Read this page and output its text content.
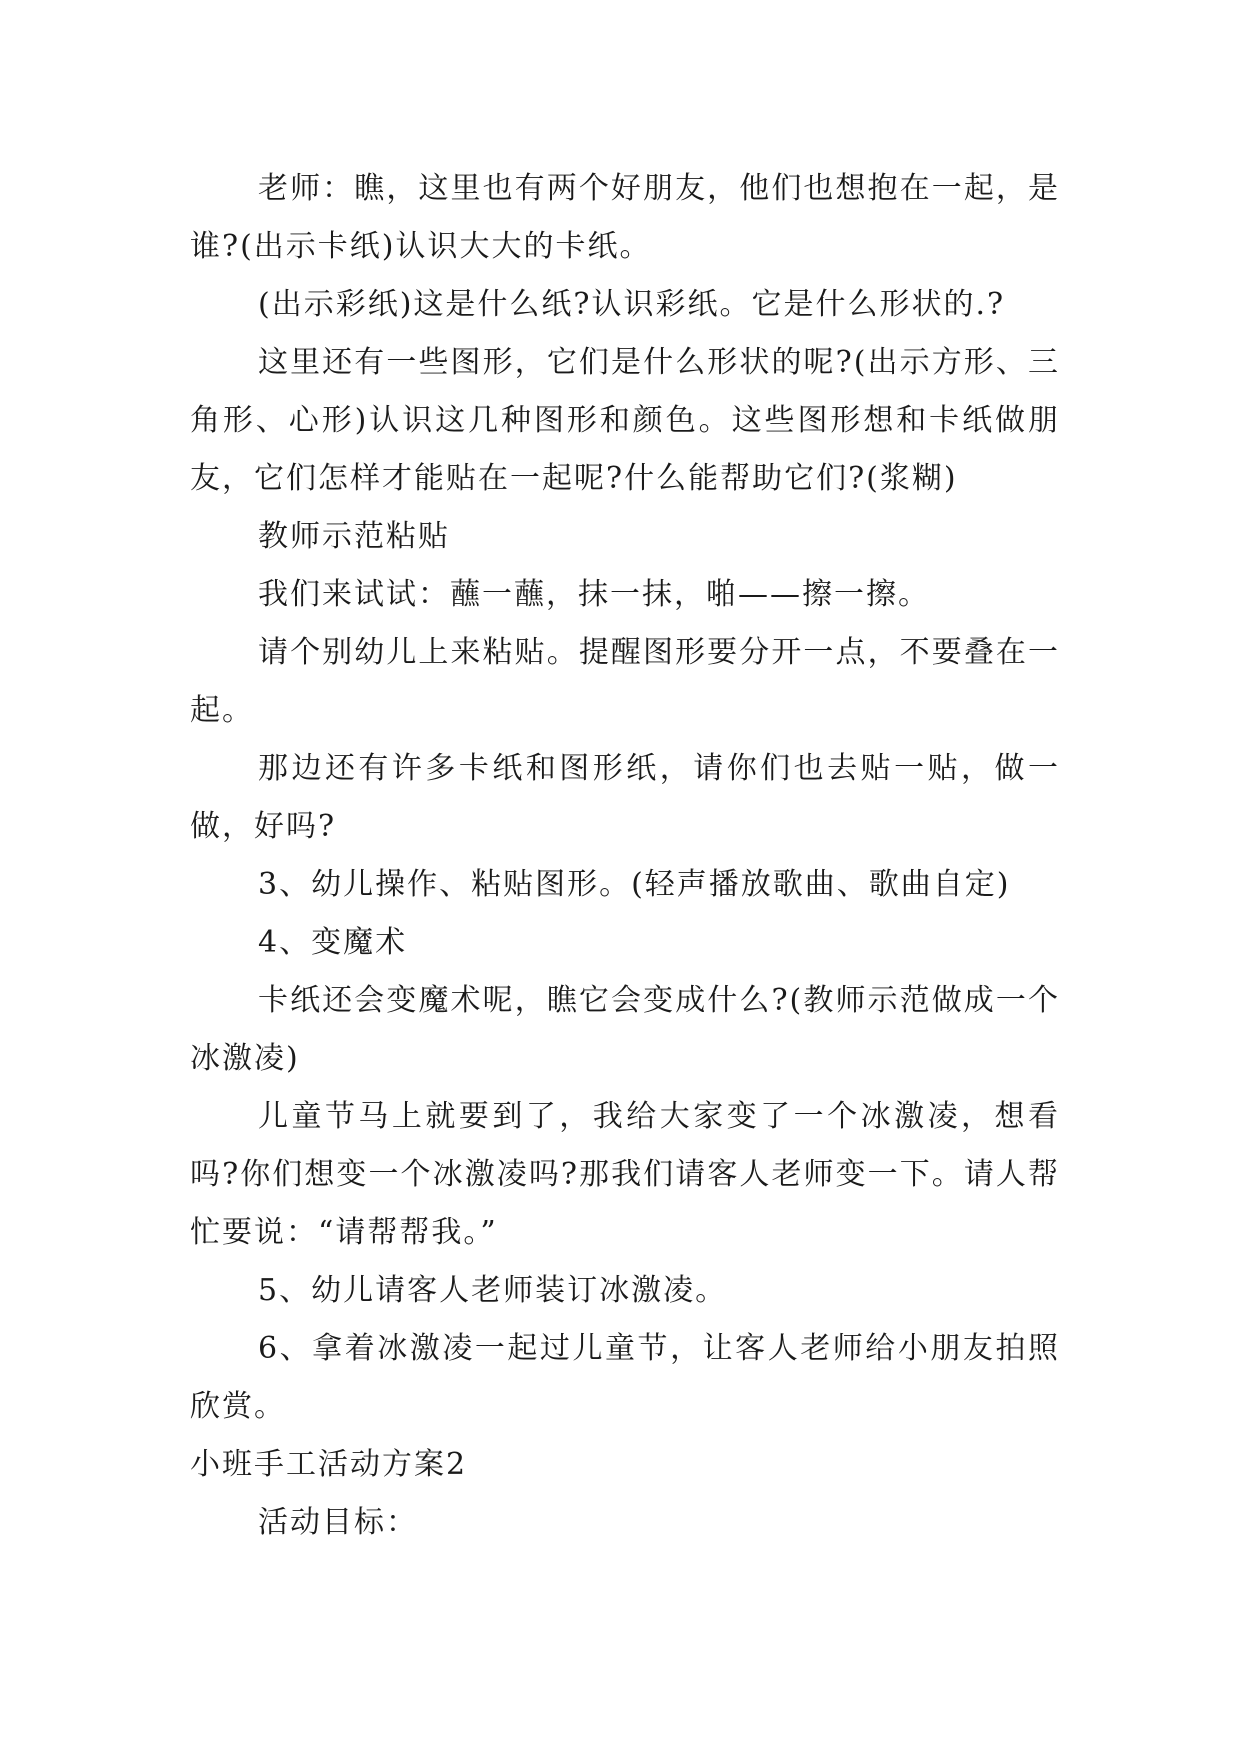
老师：瞧，这里也有两个好朋友，他们也想抱在一起，是谁?(出示卡纸)认识大大的卡纸。

(出示彩纸)这是什么纸?认识彩纸。它是什么形状的.?

这里还有一些图形，它们是什么形状的呢?(出示方形、三角形、心形)认识这几种图形和颜色。这些图形想和卡纸做朋友，它们怎样才能贴在一起呢?什么能帮助它们?(浆糊)

教师示范粘贴

我们来试试：蘸一蘸，抹一抹，啪——擦一擦。

请个别幼儿上来粘贴。提醒图形要分开一点，不要叠在一起。

那边还有许多卡纸和图形纸，请你们也去贴一贴，做一做，好吗?

3、幼儿操作、粘贴图形。(轻声播放歌曲、歌曲自定)

4、变魔术

卡纸还会变魔术呢，瞧它会变成什么?(教师示范做成一个冰激凌)

儿童节马上就要到了，我给大家变了一个冰激凌，想看吗?你们想变一个冰激凌吗?那我们请客人老师变一下。请人帮忙要说：“请帮帮我。”

5、幼儿请客人老师装订冰激凌。

6、拿着冰激凌一起过儿童节，让客人老师给小朋友拍照欣赏。

小班手工活动方案2

活动目标：
